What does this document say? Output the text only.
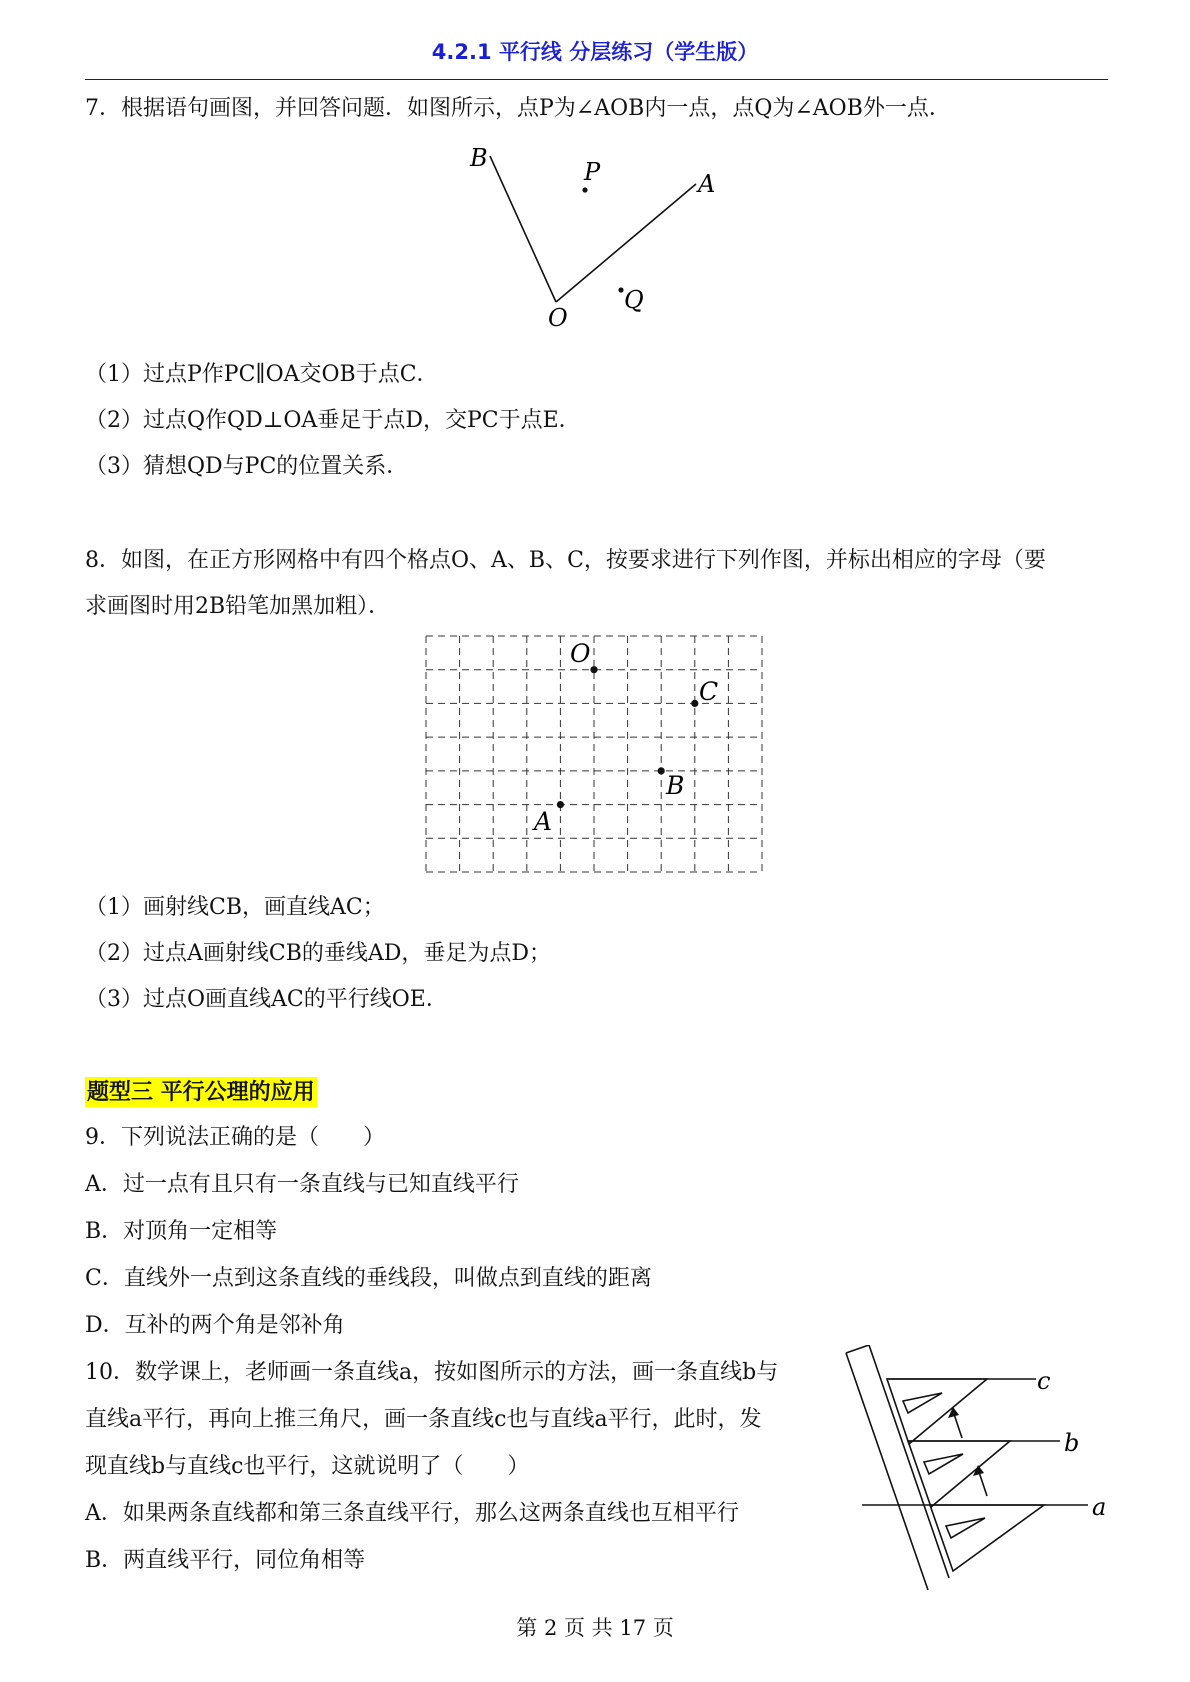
4.2.1 平行线 分层练习（学生版）
7．根据语句画图，并回答问题．如图所示，点P为∠AOB内一点，点Q为∠AOB外一点．
B	P	A
O
Q
（1）过点P作PC∥OA交OB于点C．
（2）过点Q作QD⊥OA垂足于点D，交PC于点E．
（3）猜想QD与PC的位置关系．
8．如图，在正方形网格中有四个格点O、A、B、C，按要求进行下列作图，并标出相应的字母（要
求画图时用2B铅笔加黑加粗）．
O
C
B
A
（1）画射线CB，画直线AC；
（2）过点A画射线CB的垂线AD，垂足为点D；
（3）过点O画直线AC的平行线OE．
题型三 平行公理的应用
9．下列说法正确的是（　　）
A．过一点有且只有一条直线与已知直线平行
B．对顶角一定相等
C．直线外一点到这条直线的垂线段，叫做点到直线的距离
D．互补的两个角是邻补角
10．数学课上，老师画一条直线a，按如图所示的方法，画一条直线b与
直线a平行，再向上推三角尺，画一条直线c也与直线a平行，此时，发
现直线b与直线c也平行，这就说明了（　　）
A．如果两条直线都和第三条直线平行，那么这两条直线也互相平行
B．两直线平行，同位角相等
c
b
a
第 2 页 共 17 页
